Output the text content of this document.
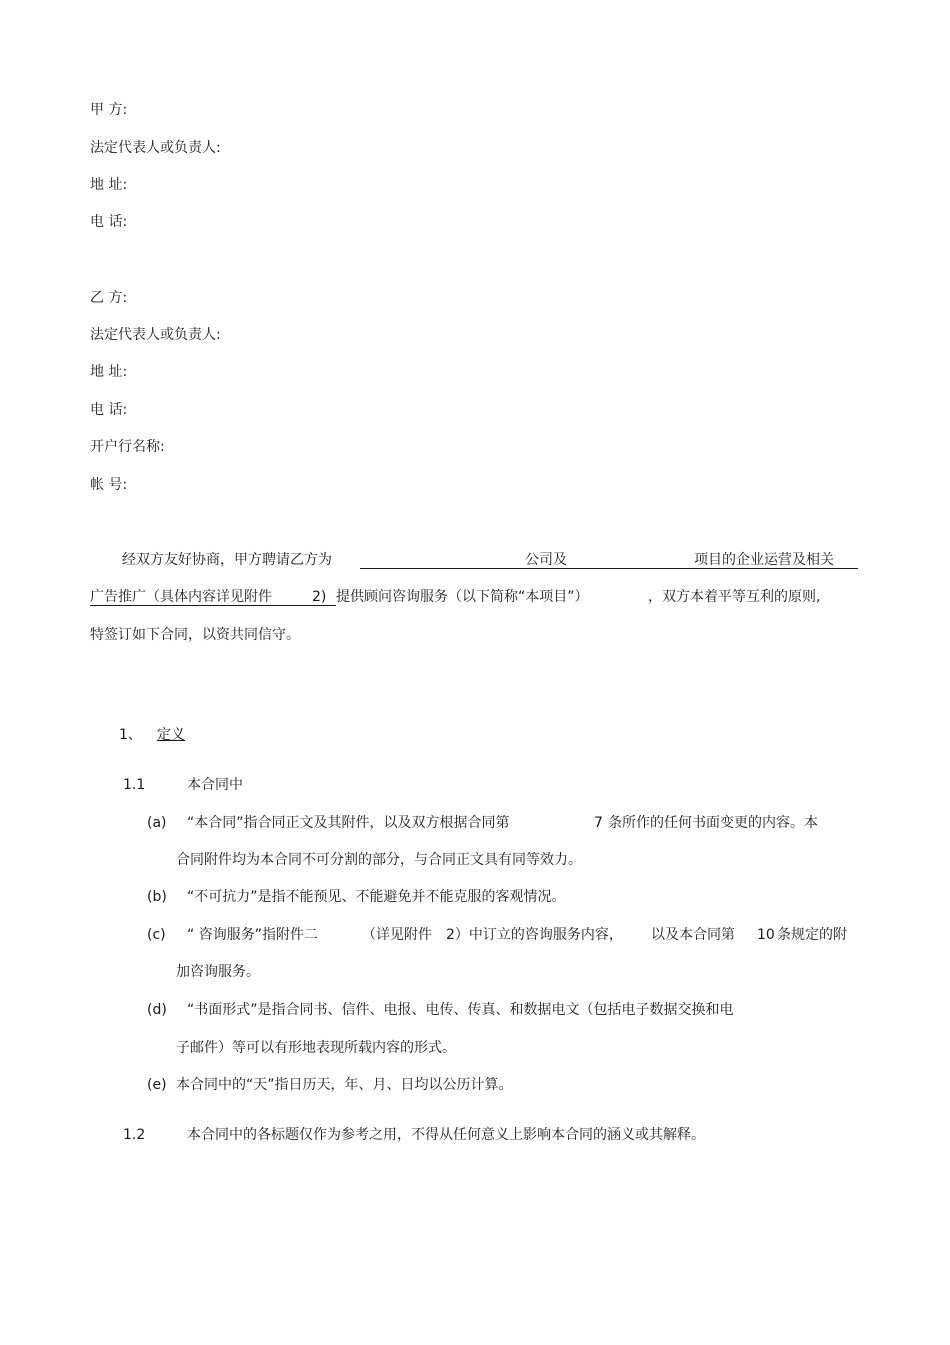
甲 方:
法定代表人或负责人:
地 址:
电 话:
乙 方:
法定代表人或负责人:
地 址:
电 话:
开户行名称:
帐 号:
经双方友好协商，甲方聘请乙方为	公司及	项目的企业运营及相关
广告推广（具体内容详见附件	2) 提供顾问咨询服务（以下简称“本项目”）	，双方本着平等互利的原则,
特签订如下合同，以资共同信守。
1、 定义
1.1	本合同中
(a) “本合同”指合同正文及其附件，以及双方根据合同第	7 条所作的任何书面变更的内容。本
合同附件均为本合同不可分割的部分，与合同正文具有同等效力。
(b) “不可抗力”是指不能预见、不能避免并不能克服的客观情况。
(c) “ 咨询服务”指附件二	（详见附件 2）中订立的咨询服务内容， 以及本合同第 10 条规定的附
加咨询服务。
(d) “书面形式”是指合同书、信件、电报、电传、传真、和数据电文（包括电子数据交换和电
子邮件）等可以有形地表现所载内容的形式。
(e) 本合同中的“天”指日历天，年、月、日均以公历计算。
1.2	本合同中的各标题仅作为参考之用，不得从任何意义上影响本合同的涵义或其解释。
